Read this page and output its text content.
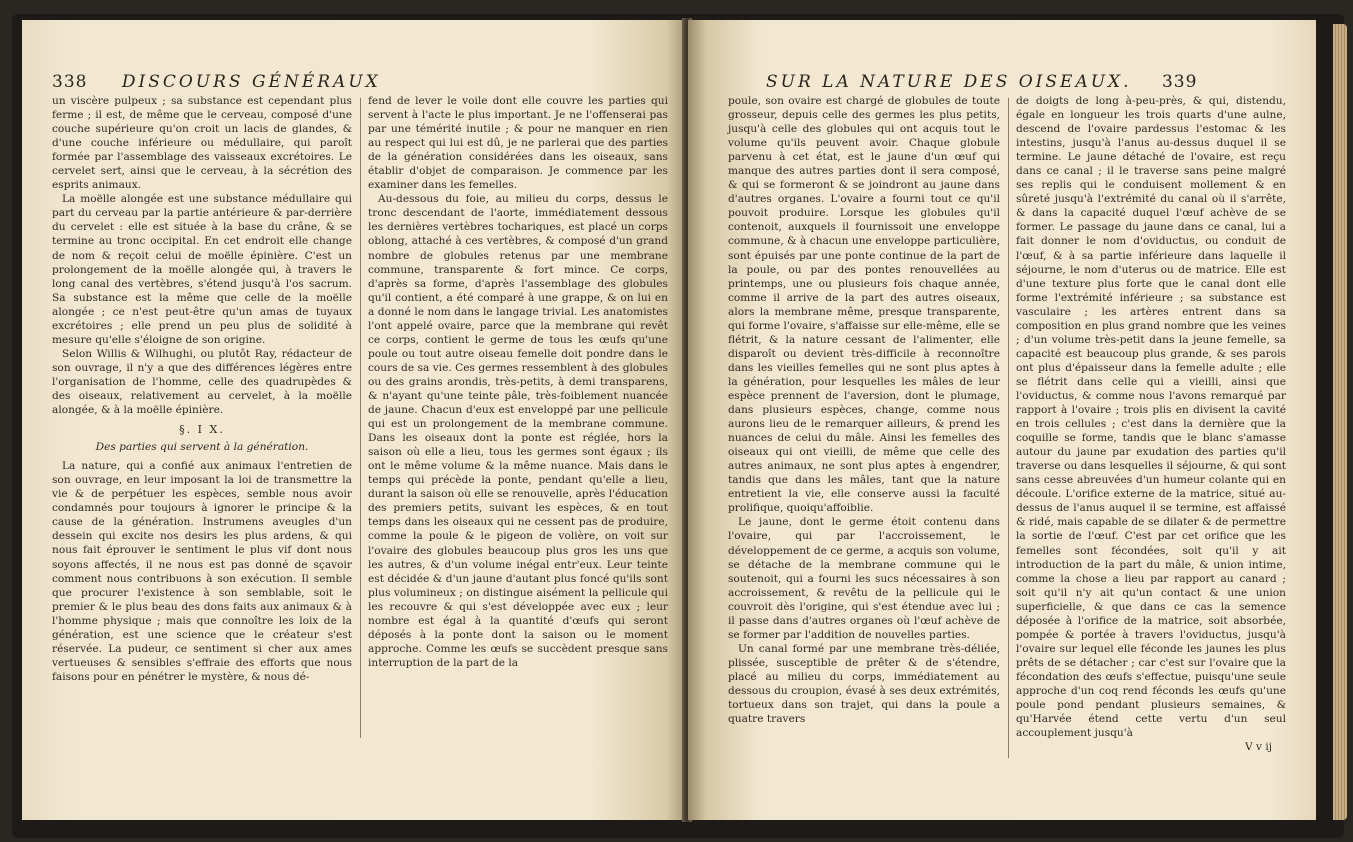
338 DISCOURS GÉNÉRAUX

un viscère pulpeux ; sa substance est cependant plus ferme ; il est, de même que le cerveau, composé d'une couche supérieure qu'on croit un lacis de glandes, & d'une couche inférieure ou médullaire, qui paroît formée par l'assemblage des vaisseaux excrétoires. Le cervelet sert, ainsi que le cerveau, à la sécrétion des esprits animaux.

La moëlle alongée est une substance médullaire qui part du cerveau par la partie antérieure & par-derrière du cervelet : elle est située à la base du crâne, & se termine au tronc occipital. En cet endroit elle change de nom & reçoit celui de moëlle épinière. C'est un prolongement de la moëlle alongée qui, à travers le long canal des vertèbres, s'étend jusqu'à l'os sacrum. Sa substance est la même que celle de la moëlle alongée ; ce n'est peut-être qu'un amas de tuyaux excrétoires ; elle prend un peu plus de solidité à mesure qu'elle s'éloigne de son origine.

Selon Willis & Wilhughi, ou plutôt Ray, rédacteur de son ouvrage, il n'y a que des différences légères entre l'organisation de l'homme, celle des quadrupèdes & des oiseaux, relativement au cervelet, à la moëlle alongée, & à la moëlle épinière.

§. I X.
Des parties qui servent à la génération.

La nature, qui a confié aux animaux l'entretien de son ouvrage, en leur imposant la loi de transmettre la vie & de perpétuer les espèces, semble nous avoir condamnés pour toujours à ignorer le principe & la cause de la génération. Instrumens aveugles d'un dessein qui excite nos desirs les plus ardens, & qui nous fait éprouver le sentiment le plus vif dont nous soyons affectés, il ne nous est pas donné de sçavoir comment nous contribuons à son exécution. Il semble que procurer l'existence à son semblable, soit le premier & le plus beau des dons faits aux animaux & à l'homme physique ; mais que connoître les loix de la génération, est une science que le créateur s'est réservée. La pudeur, ce sentiment si cher aux ames vertueuses & sensibles s'effraie des efforts que nous faisons pour en pénétrer le mystère, & nous dé-

fend de lever le voile dont elle couvre les parties qui servent à l'acte le plus important. Je ne l'offenserai pas par une témérité inutile ; & pour ne manquer en rien au respect qui lui est dû, je ne parlerai que des parties de la génération considérées dans les oiseaux, sans établir d'objet de comparaison. Je commence par les examiner dans les femelles.

Au-dessous du foie, au milieu du corps, dessus le tronc descendant de l'aorte, immédiatement dessous les dernières vertèbres tochariques, est placé un corps oblong, attaché à ces vertèbres, & composé d'un grand nombre de globules retenus par une membrane commune, transparente & fort mince. Ce corps, d'après sa forme, d'après l'assemblage des globules qu'il contient, a été comparé à une grappe, & on lui en a donné le nom dans le langage trivial. Les anatomistes l'ont appelé ovaire, parce que la membrane qui revêt ce corps, contient le germe de tous les œufs qu'une poule ou tout autre oiseau femelle doit pondre dans le cours de sa vie. Ces germes ressemblent à des globules ou des grains arondis, très-petits, à demi transparens, & n'ayant qu'une teinte pâle, très-foiblement nuancée de jaune. Chacun d'eux est enveloppé par une pellicule qui est un prolongement de la membrane commune. Dans les oiseaux dont la ponte est réglée, hors la saison où elle a lieu, tous les germes sont égaux ; ils ont le même volume & la même nuance. Mais dans le temps qui précède la ponte, pendant qu'elle a lieu, durant la saison où elle se renouvelle, après l'éducation des premiers petits, suivant les espèces, & en tout temps dans les oiseaux qui ne cessent pas de produire, comme la poule & le pigeon de volière, on voit sur l'ovaire des globules beaucoup plus gros les uns que les autres, & d'un volume inégal entr'eux. Leur teinte est décidée & d'un jaune d'autant plus foncé qu'ils sont plus volumineux ; on distingue aisément la pellicule qui les recouvre & qui s'est développée avec eux ; leur nombre est égal à la quantité d'œufs qui seront déposés à la ponte dont la saison ou le moment approche. Comme les œufs se succèdent presque sans interruption de la part de la

SUR LA NATURE DES OISEAUX. 339

poule, son ovaire est chargé de globules de toute grosseur, depuis celle des germes les plus petits, jusqu'à celle des globules qui ont acquis tout le volume qu'ils peuvent avoir. Chaque globule parvenu à cet état, est le jaune d'un œuf qui manque des autres parties dont il sera composé, & qui se formeront & se joindront au jaune dans d'autres organes. L'ovaire a fourni tout ce qu'il pouvoit produire. Lorsque les globules qu'il contenoit, auxquels il fournissoit une enveloppe commune, & à chacun une enveloppe particulière, sont épuisés par une ponte continue de la part de la poule, ou par des pontes renouvellées au printemps, une ou plusieurs fois chaque année, comme il arrive de la part des autres oiseaux, alors la membrane même, presque transparente, qui forme l'ovaire, s'affaisse sur elle-même, elle se flétrit, & la nature cessant de l'alimenter, elle disparoît ou devient très-difficile à reconnoître dans les vieilles femelles qui ne sont plus aptes à la génération, pour lesquelles les mâles de leur espèce prennent de l'aversion, dont le plumage, dans plusieurs espèces, change, comme nous aurons lieu de le remarquer ailleurs, & prend les nuances de celui du mâle. Ainsi les femelles des oiseaux qui ont vieilli, de même que celle des autres animaux, ne sont plus aptes à engendrer, tandis que dans les mâles, tant que la nature entretient la vie, elle conserve aussi la faculté prolifique, quoiqu'affoiblie.

Le jaune, dont le germe étoit contenu dans l'ovaire, qui par l'accroissement, le développement de ce germe, a acquis son volume, se détache de la membrane commune qui le soutenoit, qui a fourni les sucs nécessaires à son accroissement, & revêtu de la pellicule qui le couvroit dès l'origine, qui s'est étendue avec lui ; il passe dans d'autres organes où l'œuf achève de se former par l'addition de nouvelles parties.

Un canal formé par une membrane très-déliée, plissée, susceptible de prêter & de s'étendre, placé au milieu du corps, immédiatement au dessous du croupion, évasé à ses deux extrémités, tortueux dans son trajet, qui dans la poule a quatre travers

de doigts de long à-peu-près, & qui, distendu, égale en longueur les trois quarts d'une aulne, descend de l'ovaire pardessus l'estomac & les intestins, jusqu'à l'anus au-dessus duquel il se termine. Le jaune détaché de l'ovaire, est reçu dans ce canal ; il le traverse sans peine malgré ses replis qui le conduisent mollement & en sûreté jusqu'à l'extrémité du canal où il s'arrête, & dans la capacité duquel l'œuf achève de se former. Le passage du jaune dans ce canal, lui a fait donner le nom d'oviductus, ou conduit de l'œuf, & à sa partie inférieure dans laquelle il séjourne, le nom d'uterus ou de matrice. Elle est d'une texture plus forte que le canal dont elle forme l'extrémité inférieure ; sa substance est vasculaire ; les artères entrent dans sa composition en plus grand nombre que les veines ; d'un volume très-petit dans la jeune femelle, sa capacité est beaucoup plus grande, & ses parois ont plus d'épaisseur dans la femelle adulte ; elle se flétrit dans celle qui a vieilli, ainsi que l'oviductus, & comme nous l'avons remarqué par rapport à l'ovaire ; trois plis en divisent la cavité en trois cellules ; c'est dans la dernière que la coquille se forme, tandis que le blanc s'amasse autour du jaune par exudation des parties qu'il traverse ou dans lesquelles il séjourne, & qui sont sans cesse abreuvées d'un humeur colante qui en découle. L'orifice externe de la matrice, situé au-dessus de l'anus auquel il se termine, est affaissé & ridé, mais capable de se dilater & de permettre la sortie de l'œuf. C'est par cet orifice que les femelles sont fécondées, soit qu'il y ait introduction de la part du mâle, & union intime, comme la chose a lieu par rapport au canard ; soit qu'il n'y ait qu'un contact & une union superficielle, & que dans ce cas la semence déposée à l'orifice de la matrice, soit absorbée, pompée & portée à travers l'oviductus, jusqu'à l'ovaire sur lequel elle féconde les jaunes les plus prêts de se détacher ; car c'est sur l'ovaire que la fécondation des œufs s'effectue, puisqu'une seule approche d'un coq rend féconds les œufs qu'une poule pond pendant plusieurs semaines, & qu'Harvée étend cette vertu d'un seul accouplement jusqu'à

V v ij
